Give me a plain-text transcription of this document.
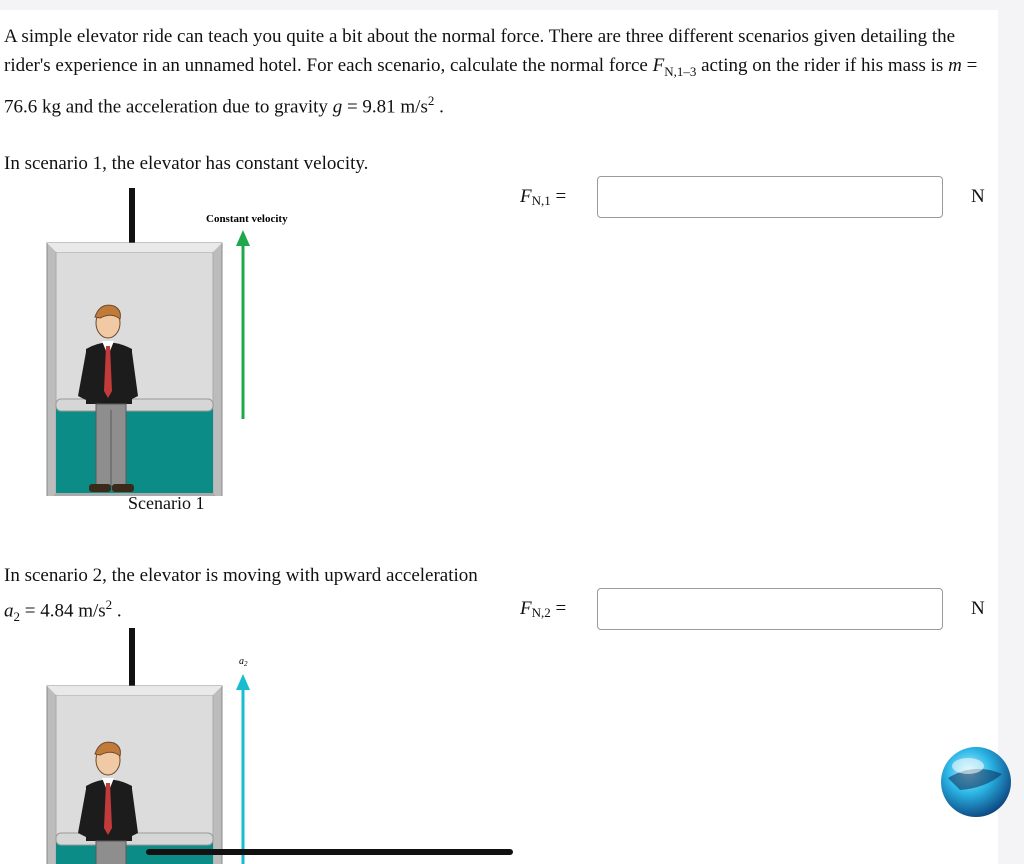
A simple elevator ride can teach you quite a bit about the normal force. There are three different scenarios given detailing the rider's experience in an unnamed hotel. For each scenario, calculate the normal force $F_{N,1-3}$ acting on the rider if his mass is m = 76.6 kg and the acceleration due to gravity g = 9.81 $m/s^2$ .
In scenario 1, the elevator has constant velocity.
$F_{N,1}$ =	N
Constant velocity
Scenario 1
In scenario 2, the elevator is moving with upward acceleration $a_2 = 4.84$ $m/s^2$ .	$F_{N,2}$ =	N
$a_2$
